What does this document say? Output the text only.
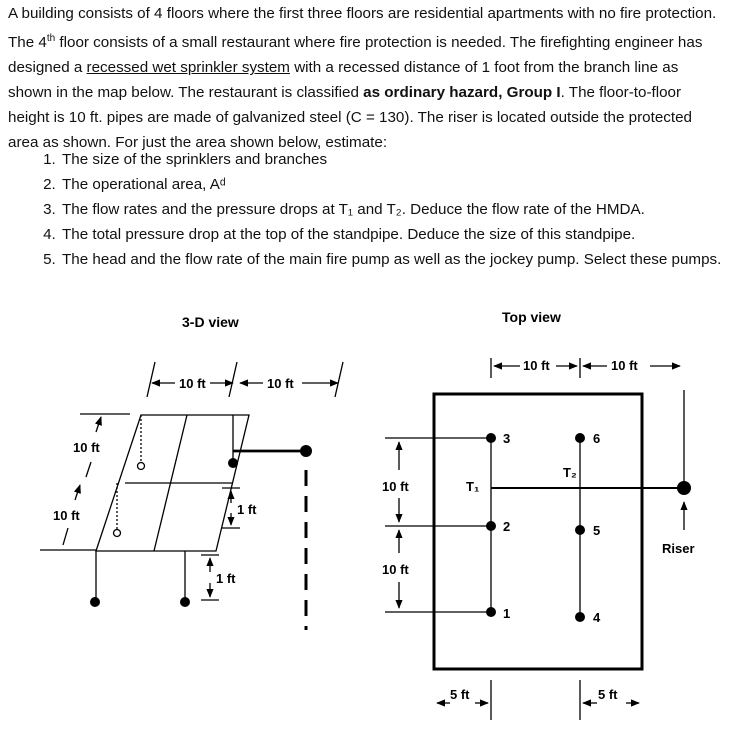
A building consists of 4 floors where the first three floors are residential apartments with no fire protection. The 4th floor consists of a small restaurant where fire protection is needed. The firefighting engineer has designed a recessed wet sprinkler system with a recessed distance of 1 foot from the branch line as shown in the map below. The restaurant is classified as ordinary hazard, Group I. The floor-to-floor height is 10 ft. pipes are made of galvanized steel (C = 130). The riser is located outside the protected area as shown. For just the area shown below, estimate:

1. The size of the sprinklers and branches
2. The operational area, Aᵈ
3. The flow rates and the pressure drops at T₁ and T₂. Deduce the flow rate of the HMDA.
4. The total pressure drop at the top of the standpipe. Deduce the size of this standpipe.
5. The head and the flow rate of the main fire pump as well as the jockey pump. Select these pumps.
3-D view
10 ft	10 ft
10 ft
10 ft	1 ft
1 ft
Top view
10 ft	10 ft
Riser
1
2
3
4
5
6
T₁
T₂
10 ft
10 ft
5 ft	5 ft
